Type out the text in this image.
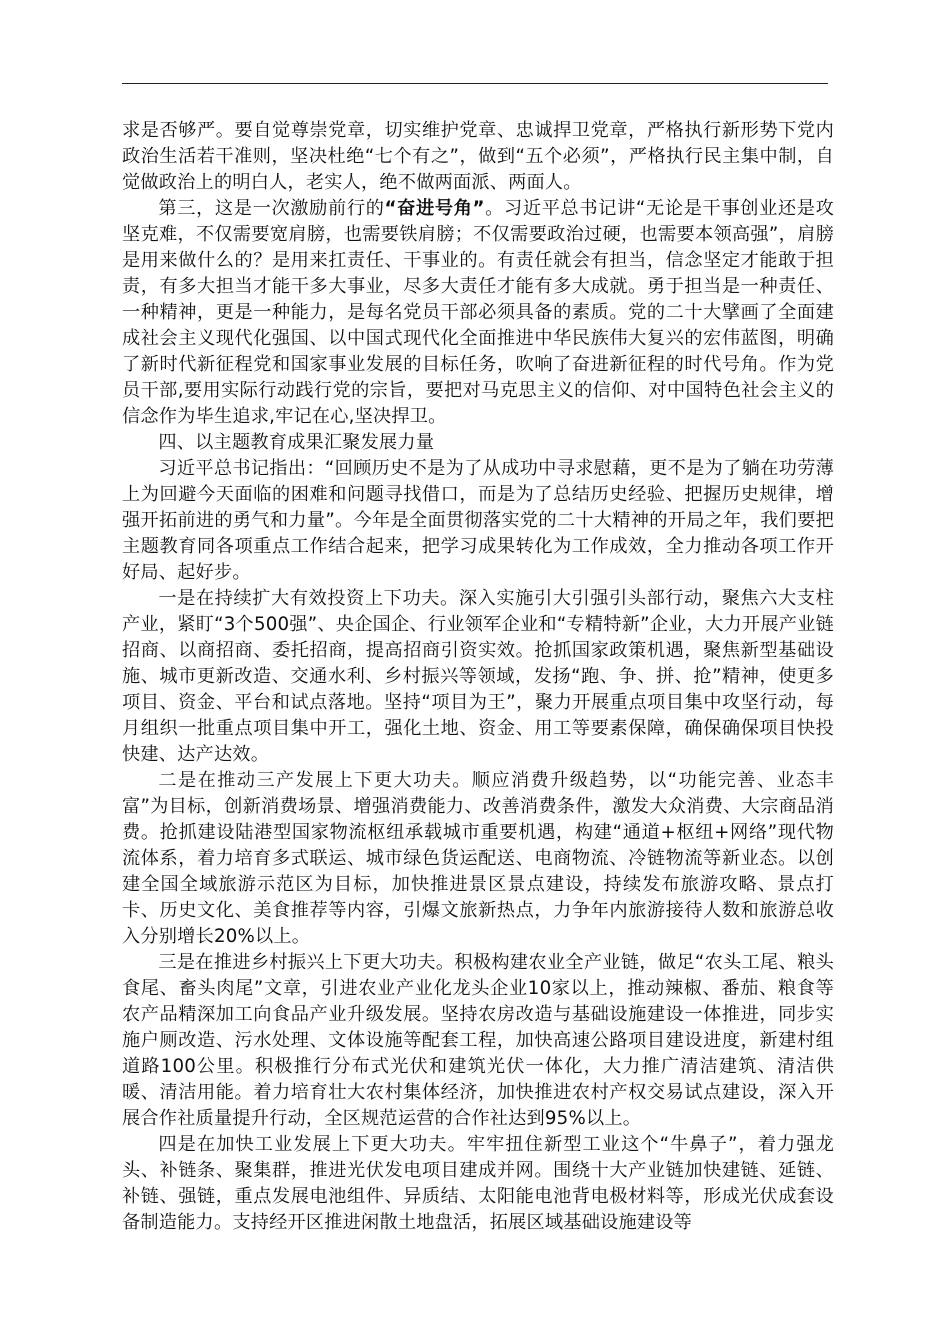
求是否够严。要自觉尊崇党章，切实维护党章、忠诚捍卫党章，严格执行新形势下党内政治生活若干准则，坚决杜绝“七个有之”，做到“五个必须”，严格执行民主集中制，自觉做政治上的明白人，老实人，绝不做两面派、两面人。

第三，这是一次激励前行的“奋进号角”。习近平总书记讲“无论是干事创业还是攻坚克难，不仅需要宽肩膀，也需要铁肩膀；不仅需要政治过硬，也需要本领高强”，肩膀是用来做什么的？是用来扛责任、干事业的。有责任就会有担当，信念坚定才能敢于担责，有多大担当才能干多大事业，尽多大责任才能有多大成就。勇于担当是一种责任、一种精神，更是一种能力，是每名党员干部必须具备的素质。党的二十大擘画了全面建成社会主义现代化强国、以中国式现代化全面推进中华民族伟大复兴的宏伟蓝图，明确了新时代新征程党和国家事业发展的目标任务，吹响了奋进新征程的时代号角。作为党员干部,要用实际行动践行党的宗旨，要把对马克思主义的信仰、对中国特色社会主义的信念作为毕生追求,牢记在心,坚决捍卫。

四、以主题教育成果汇聚发展力量

习近平总书记指出：“回顾历史不是为了从成功中寻求慰藉，更不是为了躺在功劳薄上为回避今天面临的困难和问题寻找借口，而是为了总结历史经验、把握历史规律，增强开拓前进的勇气和力量”。今年是全面贯彻落实党的二十大精神的开局之年，我们要把主题教育同各项重点工作结合起来，把学习成果转化为工作成效，全力推动各项工作开好局、起好步。

一是在持续扩大有效投资上下功夫。深入实施引大引强引头部行动，聚焦六大支柱产业，紧盯“3个500强”、央企国企、行业领军企业和“专精特新”企业，大力开展产业链招商、以商招商、委托招商，提高招商引资实效。抢抓国家政策机遇，聚焦新型基础设施、城市更新改造、交通水利、乡村振兴等领域，发扬“跑、争、拼、抢”精神，使更多项目、资金、平台和试点落地。坚持“项目为王”，聚力开展重点项目集中攻坚行动，每月组织一批重点项目集中开工，强化土地、资金、用工等要素保障，确保确保项目快投快建、达产达效。

二是在推动三产发展上下更大功夫。顺应消费升级趋势，以“功能完善、业态丰富”为目标，创新消费场景、增强消费能力、改善消费条件，激发大众消费、大宗商品消费。抢抓建设陆港型国家物流枢纽承载城市重要机遇，构建“通道+枢纽+网络”现代物流体系，着力培育多式联运、城市绿色货运配送、电商物流、冷链物流等新业态。以创建全国全域旅游示范区为目标，加快推进景区景点建设，持续发布旅游攻略、景点打卡、历史文化、美食推荐等内容，引爆文旅新热点，力争年内旅游接待人数和旅游总收入分别增长20%以上。

三是在推进乡村振兴上下更大功夫。积极构建农业全产业链，做足“农头工尾、粮头食尾、畜头肉尾”文章，引进农业产业化龙头企业10家以上，推动辣椒、番茄、粮食等农产品精深加工向食品产业升级发展。坚持农房改造与基础设施建设一体推进，同步实施户厕改造、污水处理、文体设施等配套工程，加快高速公路项目建设进度，新建村组道路100公里。积极推行分布式光伏和建筑光伏一体化，大力推广清洁建筑、清洁供暖、清洁用能。着力培育壮大农村集体经济，加快推进农村产权交易试点建设，深入开展合作社质量提升行动，全区规范运营的合作社达到95%以上。

四是在加快工业发展上下更大功夫。牢牢扭住新型工业这个“牛鼻子”，着力强龙头、补链条、聚集群，推进光伏发电项目建成并网。围绕十大产业链加快建链、延链、补链、强链，重点发展电池组件、异质结、太阳能电池背电极材料等，形成光伏成套设备制造能力。支持经开区推进闲散土地盘活，拓展区域基础设施建设等
